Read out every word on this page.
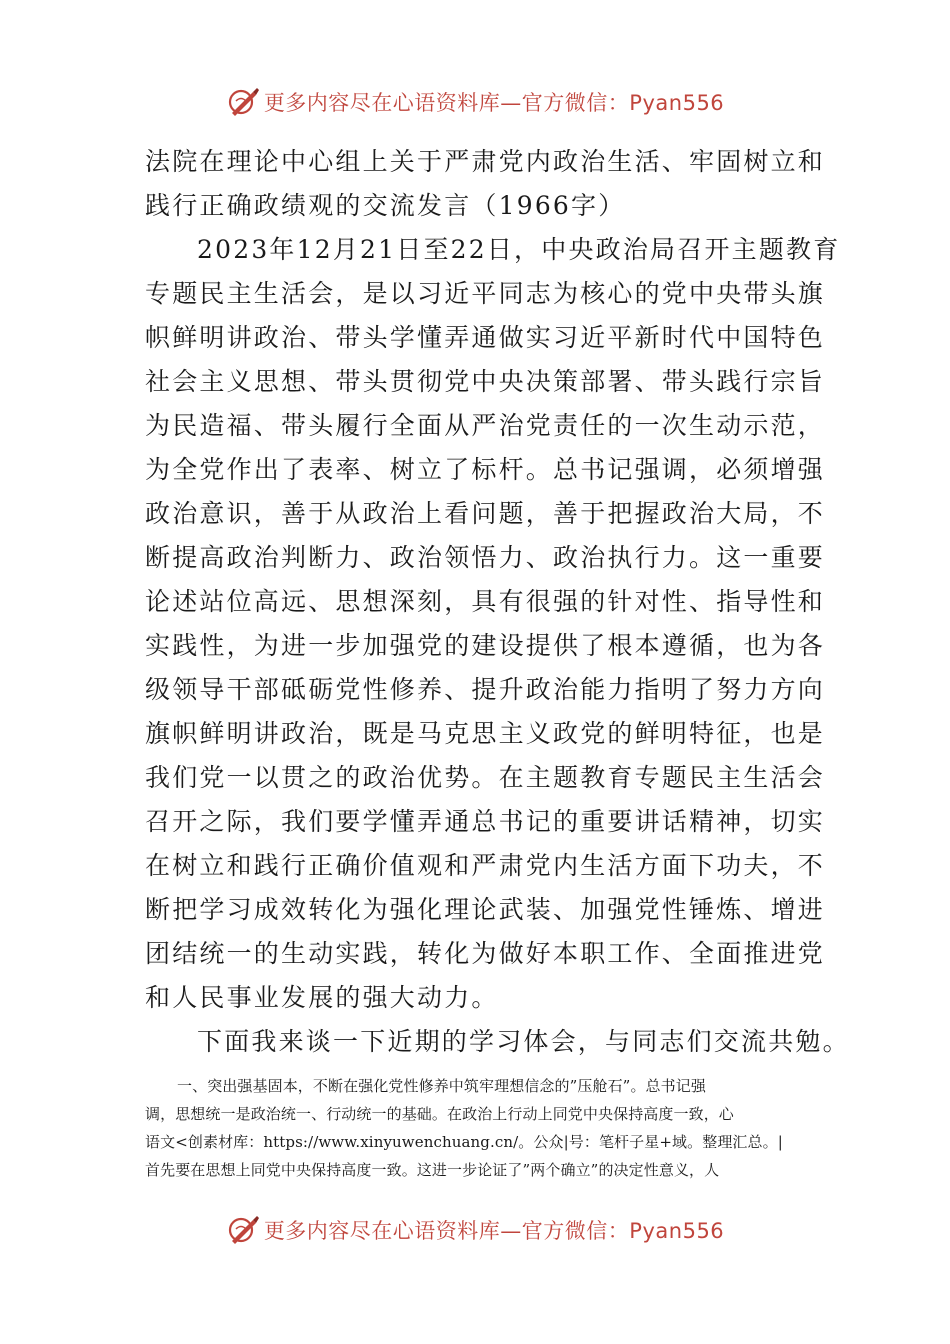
更多内容尽在心语资料库—官方微信：Pyan556
法院在理论中心组上关于严肃党内政治生活、牢固树立和
践行正确政绩观的交流发言（1966字）
2023年12月21日至22日，中央政治局召开主题教育
专题民主生活会，是以习近平同志为核心的党中央带头旗
帜鲜明讲政治、带头学懂弄通做实习近平新时代中国特色
社会主义思想、带头贯彻党中央决策部署、带头践行宗旨
为民造福、带头履行全面从严治党责任的一次生动示范，
为全党作出了表率、树立了标杆。总书记强调，必须增强
政治意识，善于从政治上看问题，善于把握政治大局，不
断提高政治判断力、政治领悟力、政治执行力。这一重要
论述站位高远、思想深刻，具有很强的针对性、指导性和
实践性，为进一步加强党的建设提供了根本遵循，也为各
级领导干部砥砺党性修养、提升政治能力指明了努力方向
旗帜鲜明讲政治，既是马克思主义政党的鲜明特征，也是
我们党一以贯之的政治优势。在主题教育专题民主生活会
召开之际，我们要学懂弄通总书记的重要讲话精神，切实
在树立和践行正确价值观和严肃党内生活方面下功夫，不
断把学习成效转化为强化理论武装、加强党性锤炼、增进
团结统一的生动实践，转化为做好本职工作、全面推进党
和人民事业发展的强大动力。
下面我来谈一下近期的学习体会，与同志们交流共勉。
一、突出强基固本，不断在强化党性修养中筑牢理想信念的”压舱石”。总书记强
调，思想统一是政治统一、行动统一的基础。在政治上行动上同党中央保持高度一致，心
语文<创素材库：https://www.xinyuwenchuang.cn/。公众|号：笔杆子星+域。整理汇总。|
首先要在思想上同党中央保持高度一致。这进一步论证了”两个确立”的决定性意义，人
更多内容尽在心语资料库—官方微信：Pyan556
